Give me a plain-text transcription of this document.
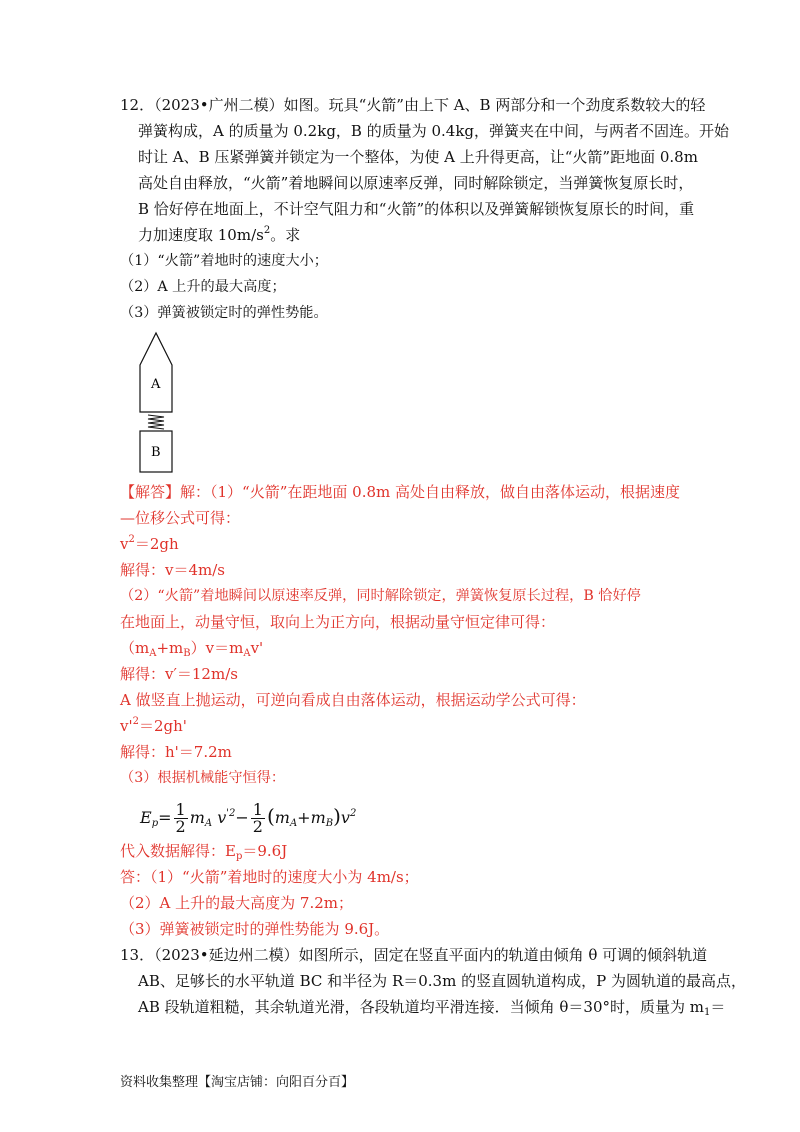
12．（2023•广州二模）如图。玩具“火箭”由上下 A、B 两部分和一个劲度系数较大的轻
弹簧构成，A 的质量为 0.2kg，B 的质量为 0.4kg，弹簧夹在中间，与两者不固连。开始
时让 A、B 压紧弹簧并锁定为一个整体，为使 A 上升得更高，让“火箭”距地面 0.8m
高处自由释放，“火箭”着地瞬间以原速率反弹，同时解除锁定，当弹簧恢复原长时，
B 恰好停在地面上，不计空气阻力和“火箭”的体积以及弹簧解锁恢复原长的时间，重
力加速度取 $10m/s^2$。求
（1）“火箭”着地时的速度大小；
（2）A 上升的最大高度；
（3）弹簧被锁定时的弹性势能。
A
B
【解答】解：（1）“火箭”在距地面 0.8m 高处自由释放，做自由落体运动，根据速度
—位移公式可得：
$v^2=2gh$
解得：v＝4m/s
（2）“火箭”着地瞬间以原速率反弹，同时解除锁定，弹簧恢复原长过程，B 恰好停
在地面上，动量守恒，取向上为正方向，根据动量守恒定律可得：
$(m_A+m_B)v=m_Av'$
解得：v′＝12m/s
A 做竖直上抛运动，可逆向看成自由落体运动，根据运动学公式可得：
$v'^2=2gh'$
解得：h'＝7.2m
（3）根据机械能守恒得：
$E_p= \frac{1}{2} m_A$ $v^{'2}- \frac{1}{2} (m_A+m_B)v^2$
代入数据解得：$E_p=9.6J$
答：（1）“火箭”着地时的速度大小为 4m/s；
（2）A 上升的最大高度为 7.2m；
（3）弹簧被锁定时的弹性势能为 9.6J。
13．（2023•延边州二模）如图所示，固定在竖直平面内的轨道由倾角 θ 可调的倾斜轨道
AB、足够长的水平轨道 BC 和半径为 R＝0.3m 的竖直圆轨道构成，P 为圆轨道的最高点，
AB 段轨道粗糙，其余轨道光滑，各段轨道均平滑连接．当倾角 θ＝30°时，质量为 $m_1=$
资料收集整理【淘宝店铺：向阳百分百】
